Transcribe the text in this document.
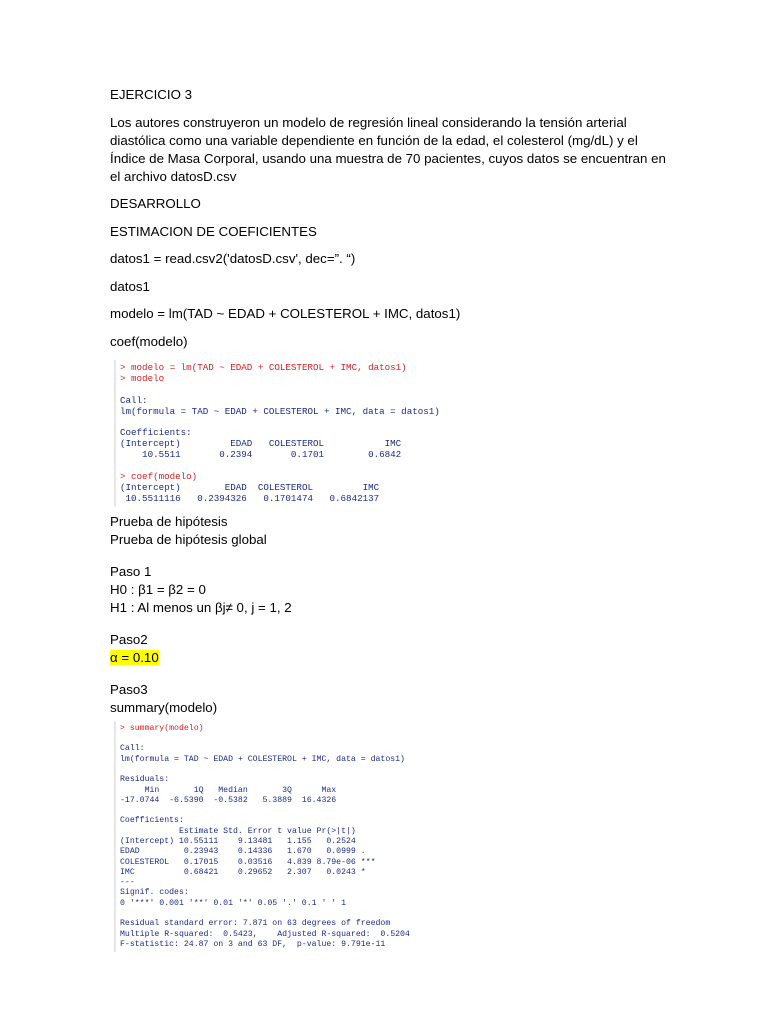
EJERCICIO 3

Los autores construyeron un modelo de regresión lineal considerando la tensión arterial diastólica como una variable dependiente en función de la edad, el colesterol (mg/dL) y el Índice de Masa Corporal, usando una muestra de 70 pacientes, cuyos datos se encuentran en el archivo datosD.csv

DESARROLLO

ESTIMACION DE COEFICIENTES

datos1 = read.csv2('datosD.csv', dec=”. “)

datos1

modelo = lm(TAD ~ EDAD + COLESTEROL + IMC, datos1)

coef(modelo)

> modelo = lm(TAD ~ EDAD + COLESTEROL + IMC, datos1)
> modelo
Call:
lm(formula = TAD ~ EDAD + COLESTEROL + IMC, data = datos1)
Coefficients:
(Intercept)         EDAD   COLESTEROL           IMC
10.5511       0.2394       0.1701        0.6842
> coef(modelo)
(Intercept)        EDAD  COLESTEROL         IMC
10.5511116   0.2394326   0.1701474   0.6842137

Prueba de hipótesis

Prueba de hipótesis global

Paso 1

H0 : β1 = β2 = 0

H1 : Al menos un βj≠ 0, j = 1, 2

Paso2

α = 0.10

Paso3

summary(modelo)

> summary(modelo)
Call:
lm(formula = TAD ~ EDAD + COLESTEROL + IMC, data = datos1)
Residuals:
Min       1Q   Median       3Q      Max
-17.0744  -6.5390  -0.5382   5.3889  16.4326
Coefficients:
Estimate Std. Error t value Pr(>|t|)
(Intercept) 10.55111    9.13481   1.155   0.2524
EDAD         0.23943    0.14336   1.670   0.0999 .
COLESTEROL   0.17015    0.03516   4.839 8.79e-06 ***
IMC          0.68421    0.29652   2.307   0.0243 *
---
Signif. codes:
0 '***' 0.001 '**' 0.01 '*' 0.05 '.' 0.1 ' ' 1
Residual standard error: 7.871 on 63 degrees of freedom
Multiple R-squared:  0.5423,    Adjusted R-squared:  0.5204
F-statistic: 24.87 on 3 and 63 DF,  p-value: 9.791e-11
